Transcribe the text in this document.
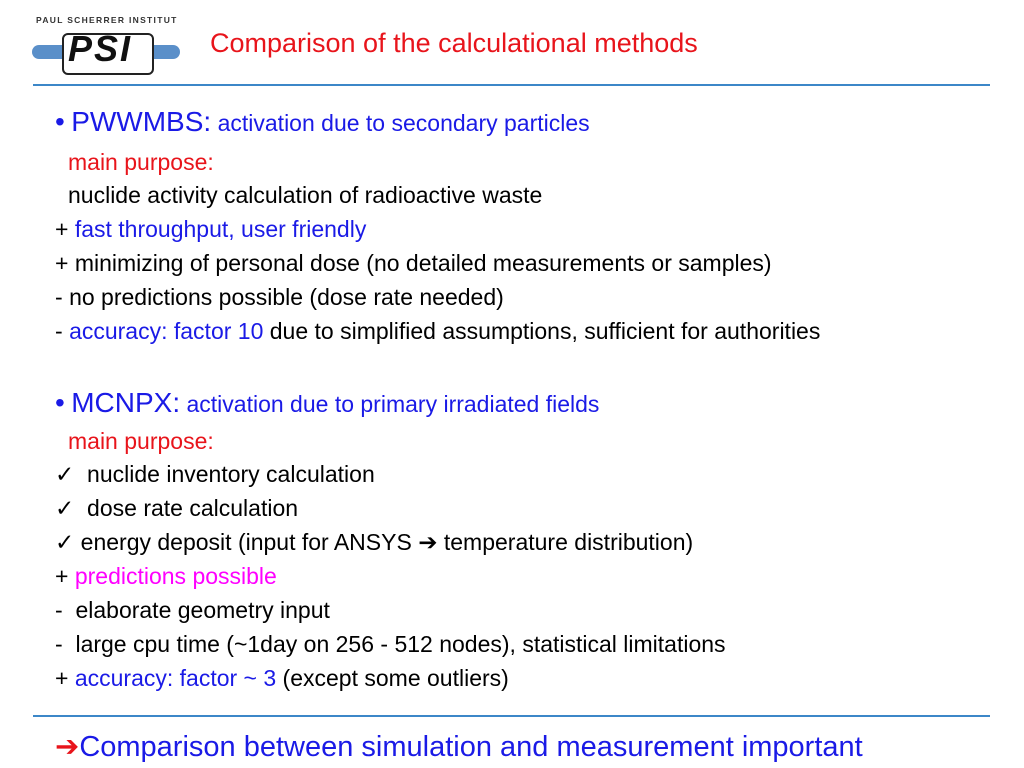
PAUL SCHERRER INSTITUT
PSI	Comparison of the calculational methods
• PWWMBS: activation due to secondary particles
main purpose:
nuclide activity calculation of radioactive waste
+ fast throughput, user friendly
+ minimizing of personal dose (no detailed measurements or samples)
- no predictions possible (dose rate needed)
- accuracy: factor 10 due to simplified assumptions, sufficient for authorities
• MCNPX: activation due to primary irradiated fields
main purpose:
✓  nuclide inventory calculation
✓  dose rate calculation
✓ energy deposit (input for ANSYS ➔ temperature distribution)
+ predictions possible
-  elaborate geometry input
-  large cpu time (~1day on 256 - 512 nodes), statistical limitations
+ accuracy: factor ~ 3 (except some outliers)
➔Comparison between simulation and measurement important
